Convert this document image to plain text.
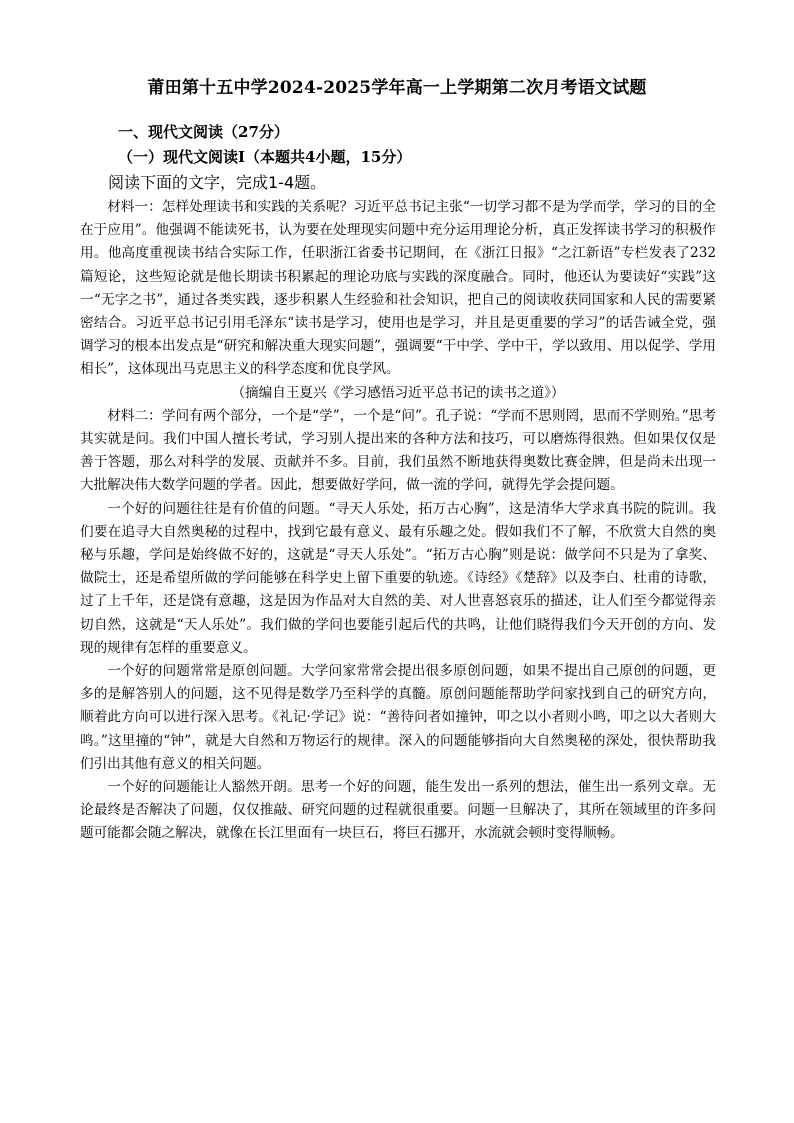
莆田第十五中学2024-2025学年高一上学期第二次月考语文试题
一、现代文阅读（27分）
（一）现代文阅读Ⅰ（本题共4小题，15分）
阅读下面的文字，完成1-4题。

材料一：怎样处理读书和实践的关系呢？习近平总书记主张“一切学习都不是为学而学，学习的目的全在于应用”。他强调不能读死书，认为要在处理现实问题中充分运用理论分析，真正发挥读书学习的积极作用。他高度重视读书结合实际工作，任职浙江省委书记期间，在《浙江日报》“之江新语”专栏发表了232篇短论，这些短论就是他长期读书积累起的理论功底与实践的深度融合。同时，他还认为要读好“实践”这一“无字之书”，通过各类实践，逐步积累人生经验和社会知识，把自己的阅读收获同国家和人民的需要紧密结合。习近平总书记引用毛泽东“读书是学习，使用也是学习，并且是更重要的学习”的话告诫全党，强调学习的根本出发点是“研究和解决重大现实问题”，强调要“干中学、学中干，学以致用、用以促学、学用相长”，这体现出马克思主义的科学态度和优良学风。

（摘编自王夏兴《学习感悟习近平总书记的读书之道》）

材料二：学问有两个部分，一个是“学”，一个是“问”。孔子说：“学而不思则罔，思而不学则殆。”思考其实就是问。我们中国人擅长考试，学习别人提出来的各种方法和技巧，可以磨炼得很熟。但如果仅仅是善于答题，那么对科学的发展、贡献并不多。目前，我们虽然不断地获得奥数比赛金牌，但是尚未出现一大批解决伟大数学问题的学者。因此，想要做好学问，做一流的学问，就得先学会提问题。

一个好的问题往往是有价值的问题。“寻天人乐处，拓万古心胸”，这是清华大学求真书院的院训。我们要在追寻大自然奥秘的过程中，找到它最有意义、最有乐趣之处。假如我们不了解，不欣赏大自然的奥秘与乐趣，学问是始终做不好的，这就是“寻天人乐处”。“拓万古心胸”则是说：做学问不只是为了拿奖、做院士，还是希望所做的学问能够在科学史上留下重要的轨迹。《诗经》《楚辞》以及李白、杜甫的诗歌，过了上千年，还是饶有意趣，这是因为作品对大自然的美、对人世喜怒哀乐的描述，让人们至今都觉得亲切自然，这就是“天人乐处”。我们做的学问也要能引起后代的共鸣，让他们晓得我们今天开创的方向、发现的规律有怎样的重要意义。

一个好的问题常常是原创问题。大学问家常常会提出很多原创问题，如果不提出自己原创的问题，更多的是解答别人的问题，这不见得是数学乃至科学的真髓。原创问题能帮助学问家找到自己的研究方向，顺着此方向可以进行深入思考。《礼记·学记》说：“善待问者如撞钟，叩之以小者则小鸣，叩之以大者则大鸣。”这里撞的“钟”，就是大自然和万物运行的规律。深入的问题能够指向大自然奥秘的深处，很快帮助我们引出其他有意义的相关问题。

一个好的问题能让人豁然开朗。思考一个好的问题，能生发出一系列的想法，催生出一系列文章。无论最终是否解决了问题，仅仅推敲、研究问题的过程就很重要。问题一旦解决了，其所在领域里的许多问题可能都会随之解决，就像在长江里面有一块巨石，将巨石挪开，水流就会顿时变得顺畅。
